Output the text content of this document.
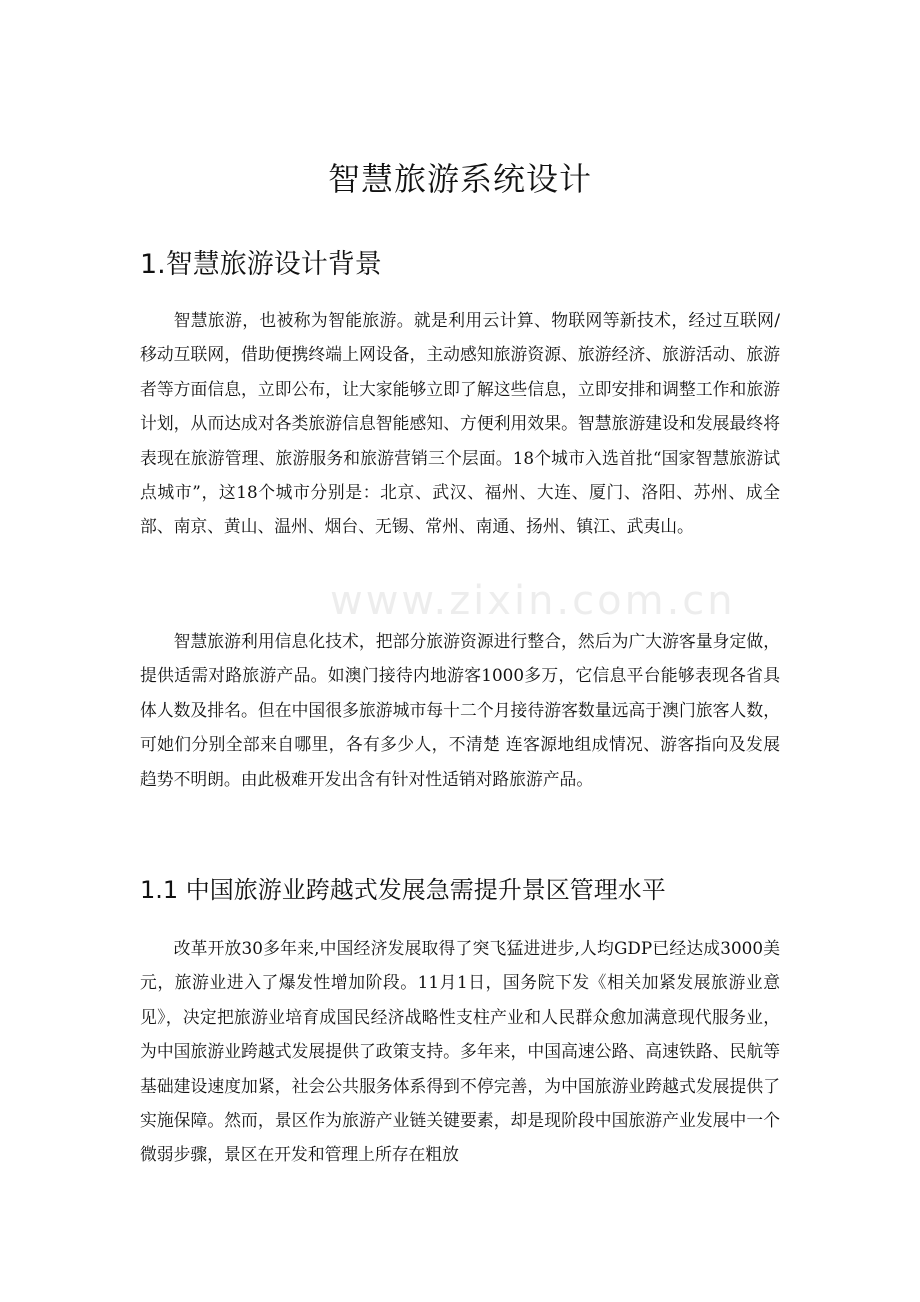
智慧旅游系统设计
1.智慧旅游设计背景

智慧旅游，也被称为智能旅游。就是利用云计算、物联网等新技术，经过互联网/移动互联网，借助便携终端上网设备，主动感知旅游资源、旅游经济、旅游活动、旅游者等方面信息，立即公布，让大家能够立即了解这些信息，立即安排和调整工作和旅游计划，从而达成对各类旅游信息智能感知、方便利用效果。智慧旅游建设和发展最终将表现在旅游管理、旅游服务和旅游营销三个层面。18个城市入选首批“国家智慧旅游试点城市”，这18个城市分别是：北京、武汉、福州、大连、厦门、洛阳、苏州、成全部、南京、黄山、温州、烟台、无锡、常州、南通、扬州、镇江、武夷山。

智慧旅游利用信息化技术，把部分旅游资源进行整合，然后为广大游客量身定做，提供适需对路旅游产品。如澳门接待内地游客1000多万，它信息平台能够表现各省具体人数及排名。但在中国很多旅游城市每十二个月接待游客数量远高于澳门旅客人数，可她们分别全部来自哪里，各有多少人，不清楚 连客源地组成情况、游客指向及发展趋势不明朗。由此极难开发出含有针对性适销对路旅游产品。

1.1 中国旅游业跨越式发展急需提升景区管理水平

改革开放30多年来,中国经济发展取得了突飞猛进进步,人均GDP已经达成3000美元，旅游业进入了爆发性增加阶段。11月1日，国务院下发《相关加紧发展旅游业意见》，决定把旅游业培育成国民经济战略性支柱产业和人民群众愈加满意现代服务业，为中国旅游业跨越式发展提供了政策支持。多年来，中国高速公路、高速铁路、民航等基础建设速度加紧，社会公共服务体系得到不停完善，为中国旅游业跨越式发展提供了实施保障。然而，景区作为旅游产业链关键要素，却是现阶段中国旅游产业发展中一个微弱步骤，景区在开发和管理上所存在粗放

www.zixin.com.cn
